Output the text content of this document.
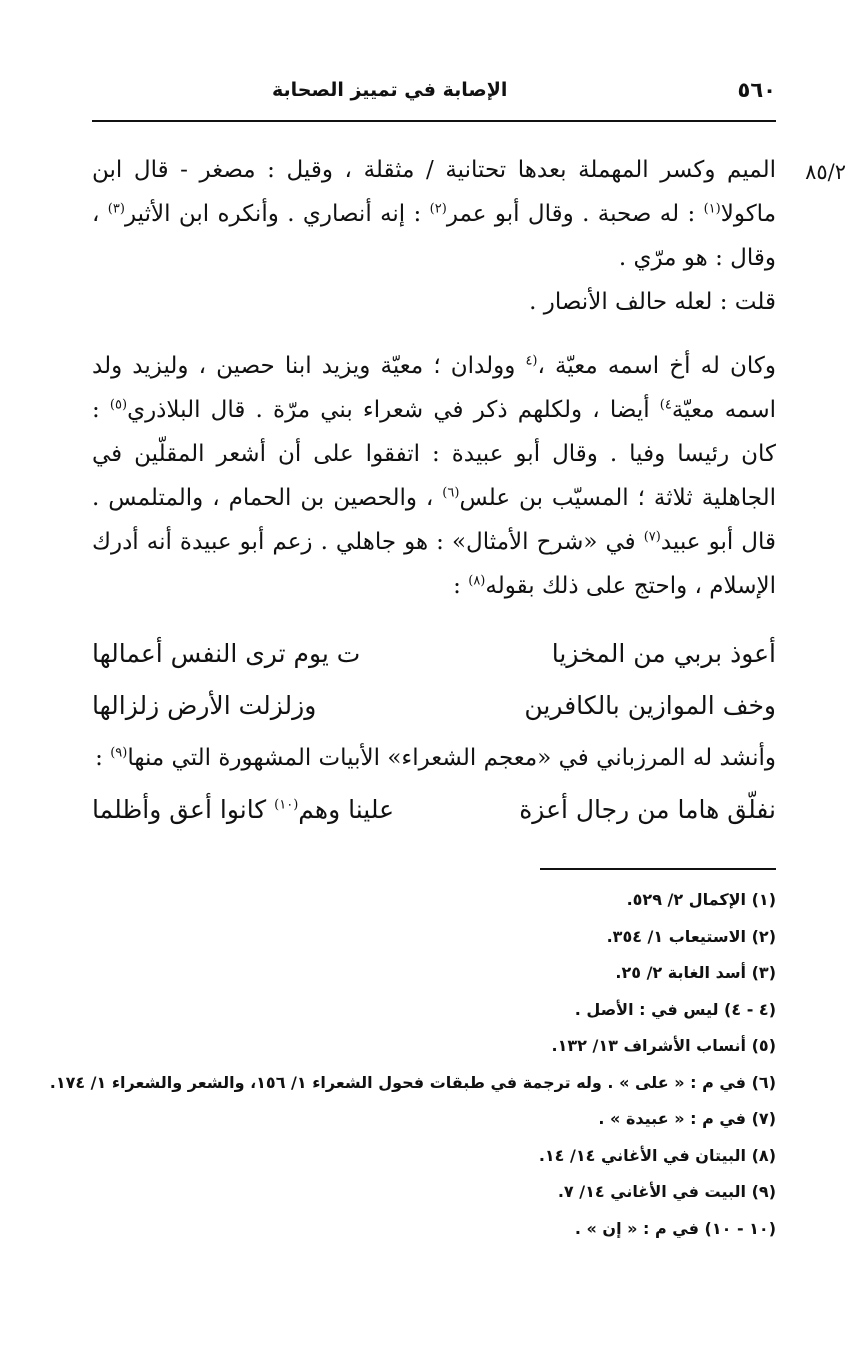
٥٦٠
الإصابة في تمييز الصحابة
٨٥/٢

الميم وكسر المهملة بعدها تحتانية / مثقلة ، وقيل : مصغر - قال ابن ماكولا$^{(١)}$ : له صحبة . وقال أبو عمر$^{(٢)}$ : إنه أنصاري . وأنكره ابن الأثير$^{(٣)}$ ، وقال : هو مرّي .
قلت : لعله حالف الأنصار .

وكان له أخ اسمه معيّة ،$^{(٤}$ وولدان ؛ معيّة ويزيد ابنا حصين ، وليزيد ولد اسمه معيّة$^{٤)}$ أيضا ، ولكلهم ذكر في شعراء بني مرّة . قال البلاذري$^{(٥)}$ : كان رئيسا وفيا . وقال أبو عبيدة : اتفقوا على أن أشعر المقلّين في الجاهلية ثلاثة ؛ المسيّب بن علس$^{(٦)}$ ، والحصين بن الحمام ، والمتلمس . قال أبو عبيد$^{(٧)}$ في «شرح الأمثال» : هو جاهلي . زعم أبو عبيدة أنه أدرك الإسلام ، واحتج على ذلك بقوله$^{(٨)}$ :

أعوذ بربي من المخزيا
ت يوم ترى النفس أعمالها
وخف الموازين بالكافرين
وزلزلت الأرض زلزالها
وأنشد له المرزباني في «معجم الشعراء» الأبيات المشهورة التي منها$^{(٩)}$ :
نفلّق هاما من رجال أعزة
علينا وهم$^{(١٠)}$ كانوا أعق وأظلما
(١) الإكمال ٢/ ٥٢٩.
(٢) الاستيعاب ١/ ٣٥٤.
(٣) أسد الغابة ٢/ ٢٥.
(٤ - ٤) ليس في : الأصل .
(٥) أنساب الأشراف ١٣/ ١٣٢.
(٦) في م : « على » . وله ترجمة في طبقات فحول الشعراء ١/ ١٥٦، والشعر والشعراء ١/ ١٧٤.
(٧) في م : « عبيدة » .
(٨) البيتان في الأغاني ١٤/ ١٤.
(٩) البيت في الأغاني ١٤/ ٧.
(١٠ - ١٠) في م : « إن » .
